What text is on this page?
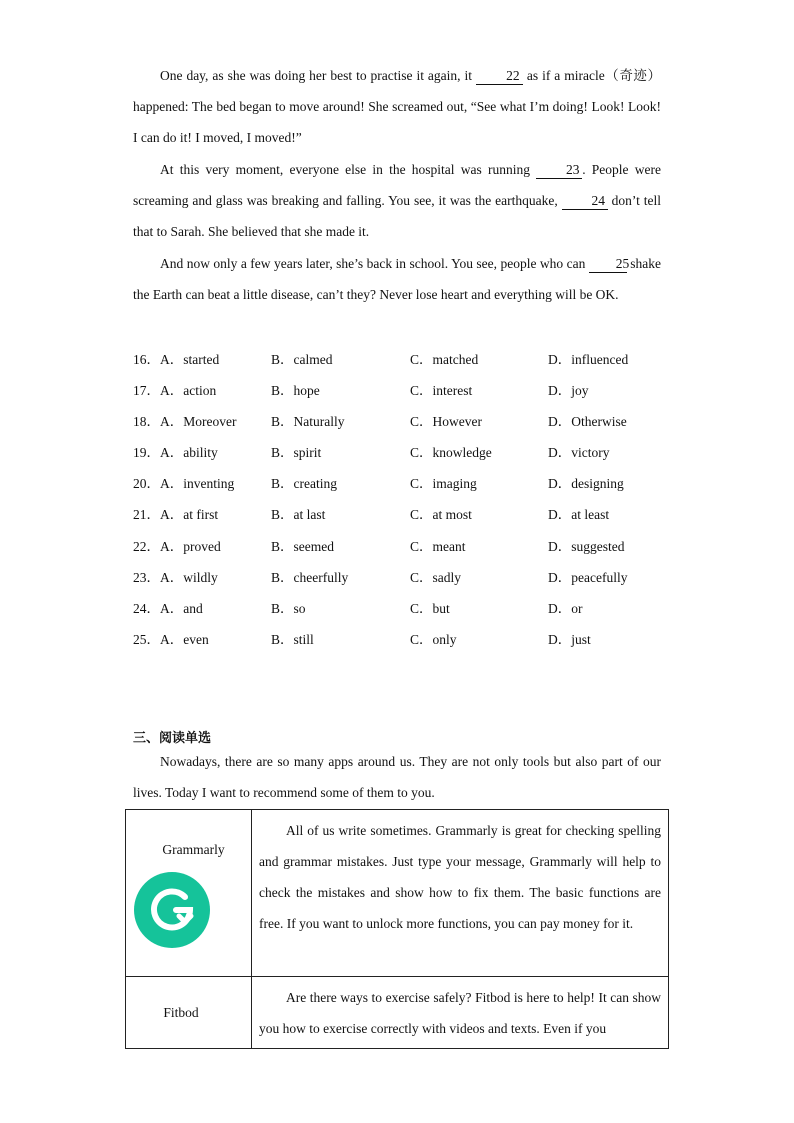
One day, as she was doing her best to practise it again, it 22 as if a miracle（奇迹）happened: The bed began to move around! She screamed out, “See what I’m doing! Look! Look! I can do it! I moved, I moved!”

At this very moment, everyone else in the hospital was running 23 . People were screaming and glass was breaking and falling. You see, it was the earthquake, 24 don’t tell that to Sarah. She believed that she made it.

And now only a few years later, she’s back in school. You see, people who can 25 shake the Earth can beat a little disease, can’t they? Never lose heart and everything will be OK.

16． A．started	B．calmed	C．matched	D．influenced
17． A．action	B．hope	C．interest	D．joy
18． A．Moreover	B．Naturally	C．However	D．Otherwise
19． A．ability	B．spirit	C．knowledge	D．victory
20． A．inventing	B．creating	C．imaging	D．designing
21． A．at first	B．at last	C．at most	D．at least
22． A．proved	B．seemed	C．meant	D．suggested
23． A．wildly	B．cheerfully	C．sadly	D．peacefully
24． A．and	B．so	C．but	D．or
25． A．even	B．still	C．only	D．just
三、阅读单选

Nowadays, there are so many apps around us. They are not only tools but also part of our lives. Today I want to recommend some of them to you.

Grammarly	All of us write sometimes. Grammarly is great for checking spelling and grammar mistakes. Just type your message, Grammarly will help to check the mistakes and show how to fix them. The basic functions are free. If you want to unlock more functions, you can pay money for it.

Fitbod	Are there ways to exercise safely? Fitbod is here to help! It can show you how to exercise correctly with videos and texts. Even if you
